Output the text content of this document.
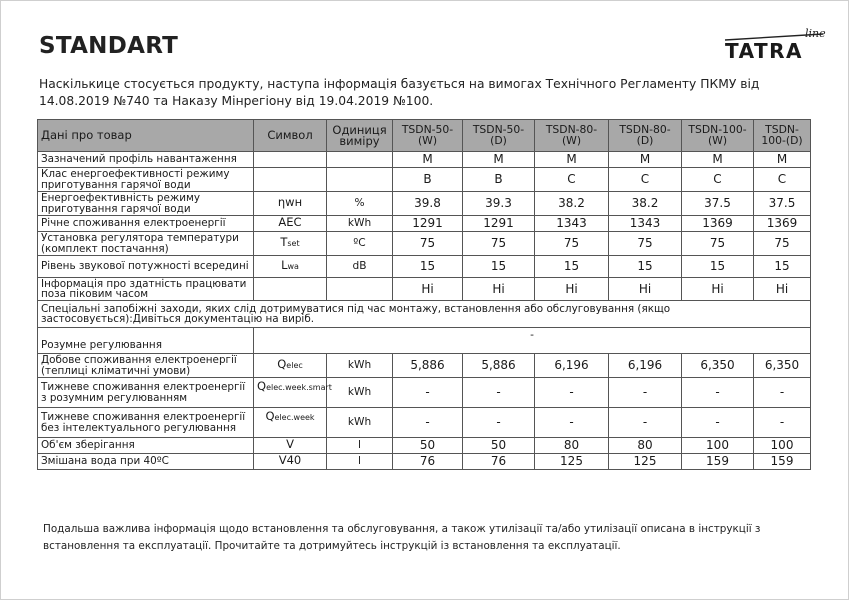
STANDART	line
TATRA
Наскількице стосується продукту, наступа інформація базується на вимогах Технічного Регламенту ПКМУ від 14.08.2019 №740 та Наказу Мінрегіону від 19.04.2019 №100.
Дані про товар	Символ	Одиниця виміру	TSDN-50-(W)	TSDN-50-(D)	TSDN-80-(W)	TSDN-80-(D)	TSDN-100-(W)	TSDN-100-(D)
Зазначений профіль навантаження			M	M	M	M	M	M
Клас енергоефективності режиму приготування гарячої води			B	B	C	C	C	C
Енергоефективність режиму приготування гарячої води	ηwн	%	39.8	39.3	38.2	38.2	37.5	37.5
Річне споживання електроенергії	AEC	kWh	1291	1291	1343	1343	1369	1369
Установка регулятора температури (комплект постачання)	Tset	ºC	75	75	75	75	75	75
Рівень звукової потужності всередині	Lwa	dB	15	15	15	15	15	15
Інформація про здатність працювати поза піковим часом			Hi	Hi	Hi	Hi	Hi	Hi
Спеціальні запобіжні заходи, яких слід дотримуватися під час монтажу, встановлення або обслуговування (якщо застосовується):Дивіться документацію на виріб.								
Розумне регулювання	-							
Добове споживання електроенергії (теплиці кліматичні умови)	Qelec	kWh	5,886	5,886	6,196	6,196	6,350	6,350
Тижневе споживання електроенергії з розумним регулюванням	Qelec.week.smart	kWh	-	-	-	-	-	-
Тижневе споживання електроенергії без інтелектуального регулювання	Qelec.week	kWh	-	-	-	-	-	-
Об'єм зберігання	V	l	50	50	80	80	100	100
Змішана вода при 40ºC	V40	l	76	76	125	125	159	159
Подальша важлива інформація щодо встановлення та обслуговування, а також утилізації та/або утилізації описана в інструкції з встановлення та експлуатації. Прочитайте та дотримуйтесь інструкцій із встановлення та експлуатації.
